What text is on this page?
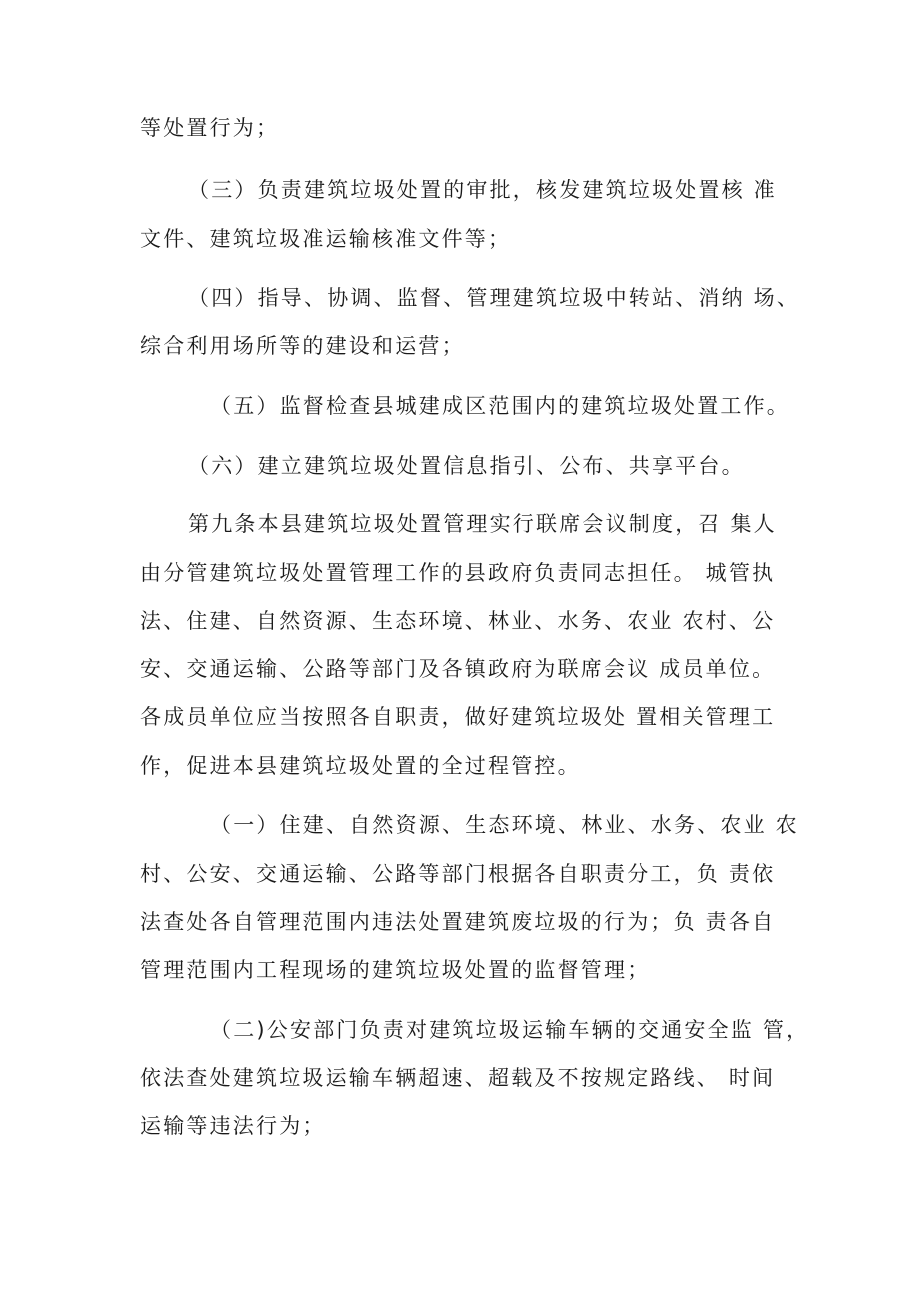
等处置行为；
（三）负责建筑垃圾处置的审批，核发建筑垃圾处置核 准
文件、建筑垃圾准运输核准文件等；
（四）指导、协调、监督、管理建筑垃圾中转站、消纳 场、
综合利用场所等的建设和运营；
（五）监督检查县城建成区范围内的建筑垃圾处置工作。
（六）建立建筑垃圾处置信息指引、公布、共享平台。
第九条本县建筑垃圾处置管理实行联席会议制度，召 集人
由分管建筑垃圾处置管理工作的县政府负责同志担任。 城管执
法、住建、自然资源、生态环境、林业、水务、农业 农村、公
安、交通运输、公路等部门及各镇政府为联席会议 成员单位。
各成员单位应当按照各自职责，做好建筑垃圾处 置相关管理工
作，促进本县建筑垃圾处置的全过程管控。
（一）住建、自然资源、生态环境、林业、水务、农业 农
村、公安、交通运输、公路等部门根据各自职责分工，负 责依
法查处各自管理范围内违法处置建筑废垃圾的行为；负 责各自
管理范围内工程现场的建筑垃圾处置的监督管理；
（二)公安部门负责对建筑垃圾运输车辆的交通安全监 管，
依法查处建筑垃圾运输车辆超速、超载及不按规定路线、 时间
运输等违法行为；
